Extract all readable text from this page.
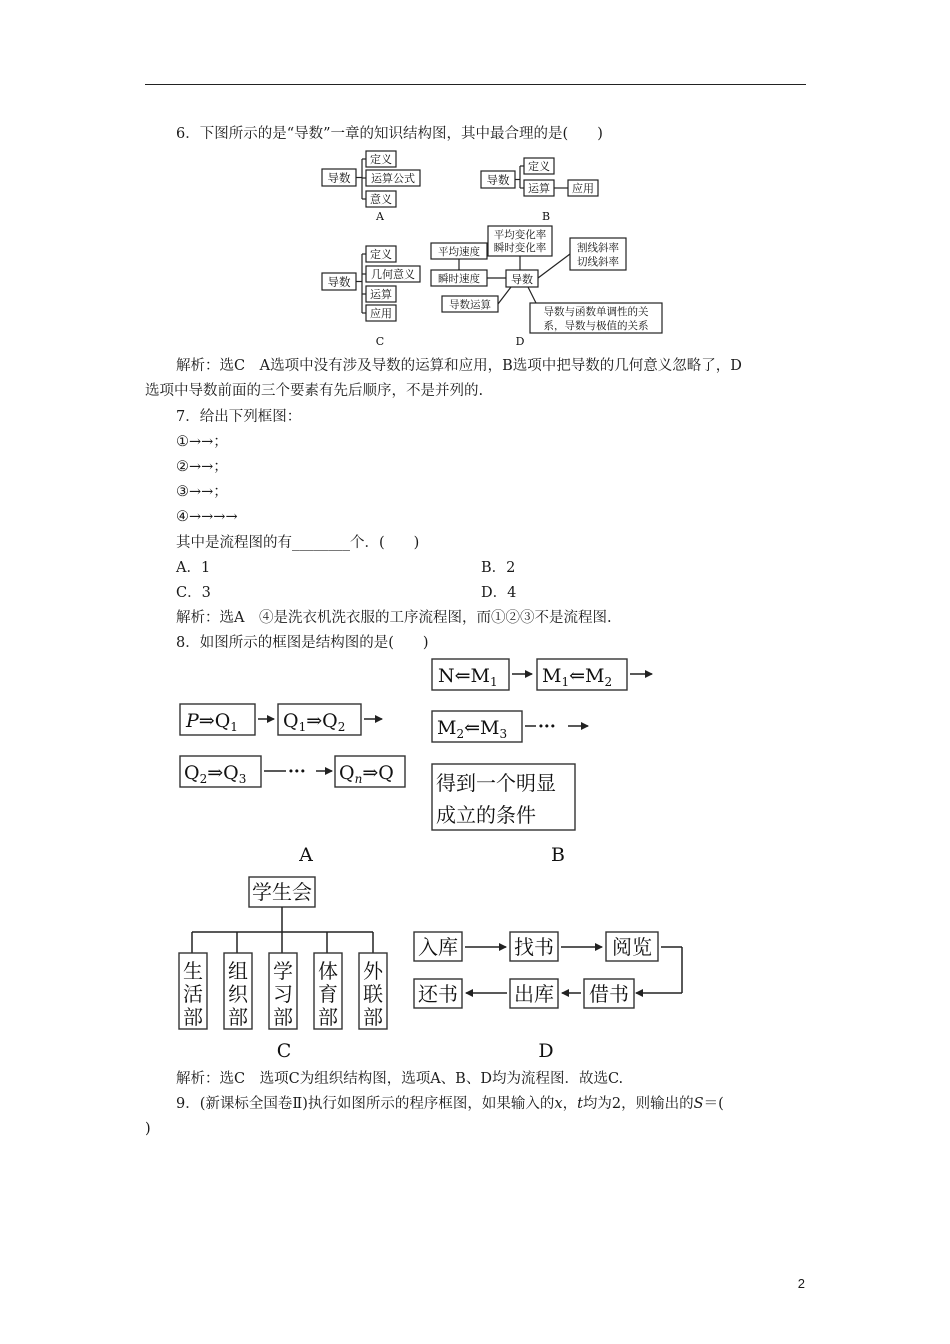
6．下图所示的是“导数”一章的知识结构图，其中最合理的是(　　)
导数
定义
运算公式
意义
A
导数
定义
运算 应用
B
导数
定义
几何意义
运算
应用
C
平均变化率
瞬时变化率
平均速度
瞬时速度	导数
割线斜率
切线斜率
导数运算
导数与函数单调性的关
系，导数与极值的关系
D
解析：选C　A选项中没有涉及导数的运算和应用，B选项中把导数的几何意义忽略了，D
选项中导数前面的三个要素有先后顺序，不是并列的.
7．给出下列框图：
①→→；
②→→；
③→→；
④→→→→
其中是流程图的有________个．(　　)
A．1	B．2
C．3	D．4
解析：选A　④是洗衣机洗衣服的工序流程图，而①②③不是流程图.
8．如图所示的框图是结构图的是(　　)
$P\Rightarrow Q_1$ $Q_1\Rightarrow Q_2$
$Q_2\Rightarrow Q_3$ ··· $Q_n\Rightarrow Q$
A
$N⇐M_1$ $M_1⇐M_2$
$M_2⇐M_3$ ···
得到一个明显
成立的条件
B
学生会
生
活
部
组
织
部
学
习
部
体
育
部
外
联
部
C
入库	找书	阅览
借书
出库
还书
D
解析：选C　选项C为组织结构图，选项A、B、D均为流程图．故选C.
9．(新课标全国卷Ⅱ)执行如图所示的程序框图，如果输入的x，t均为2，则输出的S＝(
)
2
